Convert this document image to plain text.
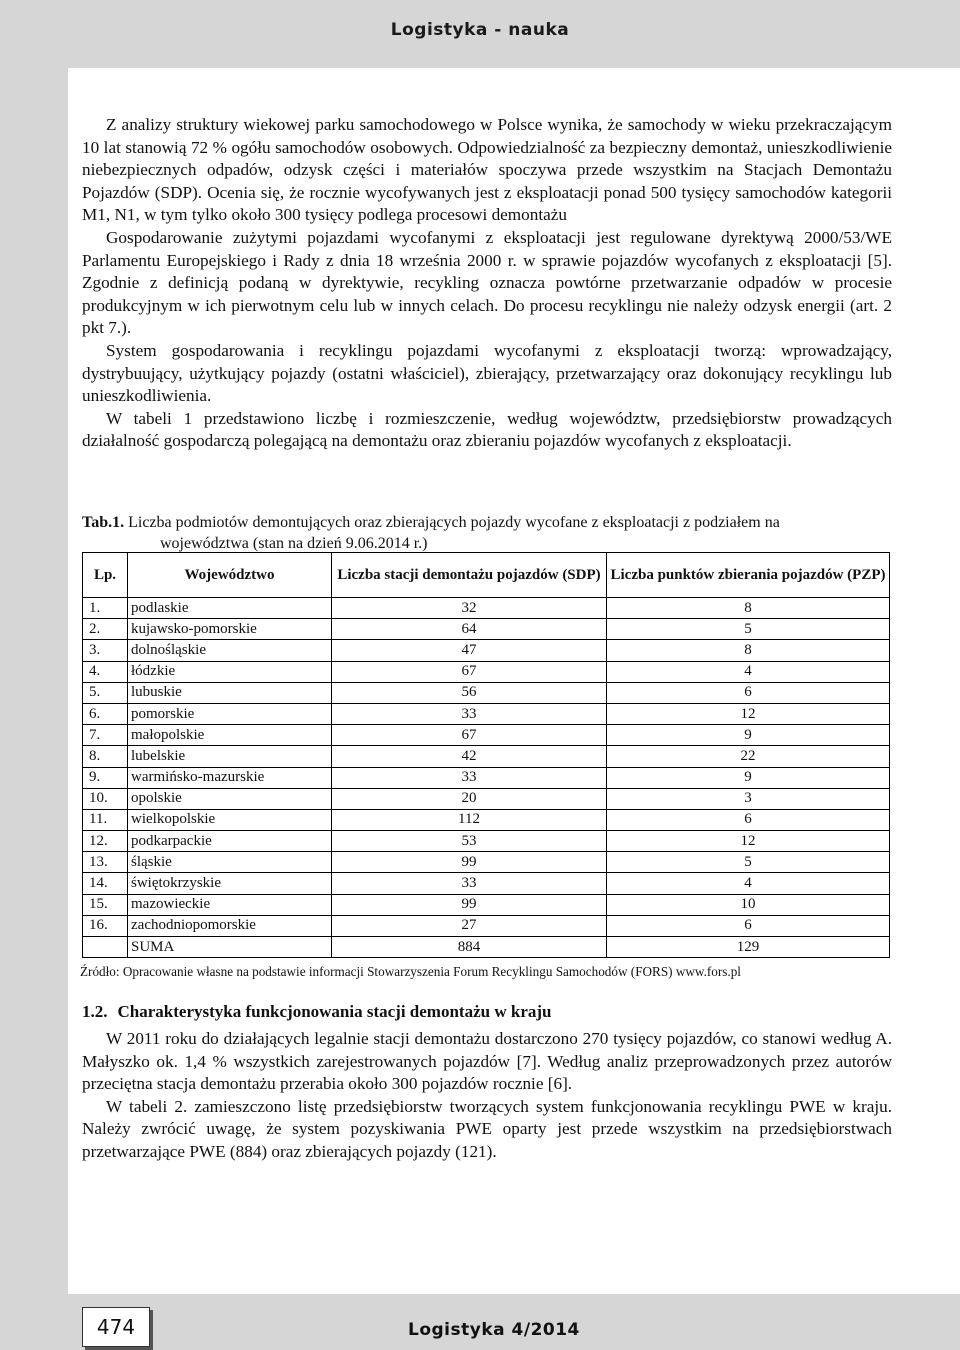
Logistyka - nauka

Z analizy struktury wiekowej parku samochodowego w Polsce wynika, że samochody w wieku przekraczającym 10 lat stanowią 72 % ogółu samochodów osobowych. Odpowiedzialność za bezpieczny demontaż, unieszkodliwienie niebezpiecznych odpadów, odzysk części i materiałów spoczywa przede wszystkim na Stacjach Demontażu Pojazdów (SDP). Ocenia się, że rocznie wycofywanych jest z eksploatacji ponad 500 tysięcy samochodów kategorii M1, N1, w tym tylko około 300 tysięcy podlega procesowi demontażu

Gospodarowanie zużytymi pojazdami wycofanymi z eksploatacji jest regulowane dyrektywą 2000/53/WE Parlamentu Europejskiego i Rady z dnia 18 września 2000 r. w sprawie pojazdów wycofanych z eksploatacji [5]. Zgodnie z definicją podaną w dyrektywie, recykling oznacza powtórne przetwarzanie odpadów w procesie produkcyjnym w ich pierwotnym celu lub w innych celach. Do procesu recyklingu nie należy odzysk energii (art. 2 pkt 7.).

System gospodarowania i recyklingu pojazdami wycofanymi z eksploatacji tworzą: wprowadzający, dystrybuujący, użytkujący pojazdy (ostatni właściciel), zbierający, przetwarzający oraz dokonujący recyklingu lub unieszkodliwienia.

W tabeli 1 przedstawiono liczbę i rozmieszczenie, według województw, przedsiębiorstw prowadzących działalność gospodarczą polegającą na demontażu oraz zbieraniu pojazdów wycofanych z eksploatacji.

Tab.1. Liczba podmiotów demontujących oraz zbierających pojazdy wycofane z eksploatacji z podziałem na
województwa (stan na dzień 9.06.2014 r.)
Lp.	Województwo	Liczba stacji demontażu pojazdów (SDP)	Liczba punktów zbierania pojazdów (PZP)
1.	podlaskie	32	8
2.	kujawsko-pomorskie	64	5
3.	dolnośląskie	47	8
4.	łódzkie	67	4
5.	lubuskie	56	6
6.	pomorskie	33	12
7.	małopolskie	67	9
8.	lubelskie	42	22
9.	warmińsko-mazurskie	33	9
10.	opolskie	20	3
11.	wielkopolskie	112	6
12.	podkarpackie	53	12
13.	śląskie	99	5
14.	świętokrzyskie	33	4
15.	mazowieckie	99	10
16.	zachodniopomorskie	27	6
	SUMA	884	129
Źródło: Opracowanie własne na podstawie informacji Stowarzyszenia Forum Recyklingu Samochodów (FORS) www.fors.pl
1.2. Charakterystyka funkcjonowania stacji demontażu w kraju

W 2011 roku do działających legalnie stacji demontażu dostarczono 270 tysięcy pojazdów, co stanowi według A. Małyszko ok. 1,4 % wszystkich zarejestrowanych pojazdów [7]. Według analiz przeprowadzonych przez autorów przeciętna stacja demontażu przerabia około 300 pojazdów rocznie [6].

W tabeli 2. zamieszczono listę przedsiębiorstw tworzących system funkcjonowania recyklingu PWE w kraju. Należy zwrócić uwagę, że system pozyskiwania PWE oparty jest przede wszystkim na przedsiębiorstwach przetwarzające PWE (884) oraz zbierających pojazdy (121).

474	Logistyka 4/2014
